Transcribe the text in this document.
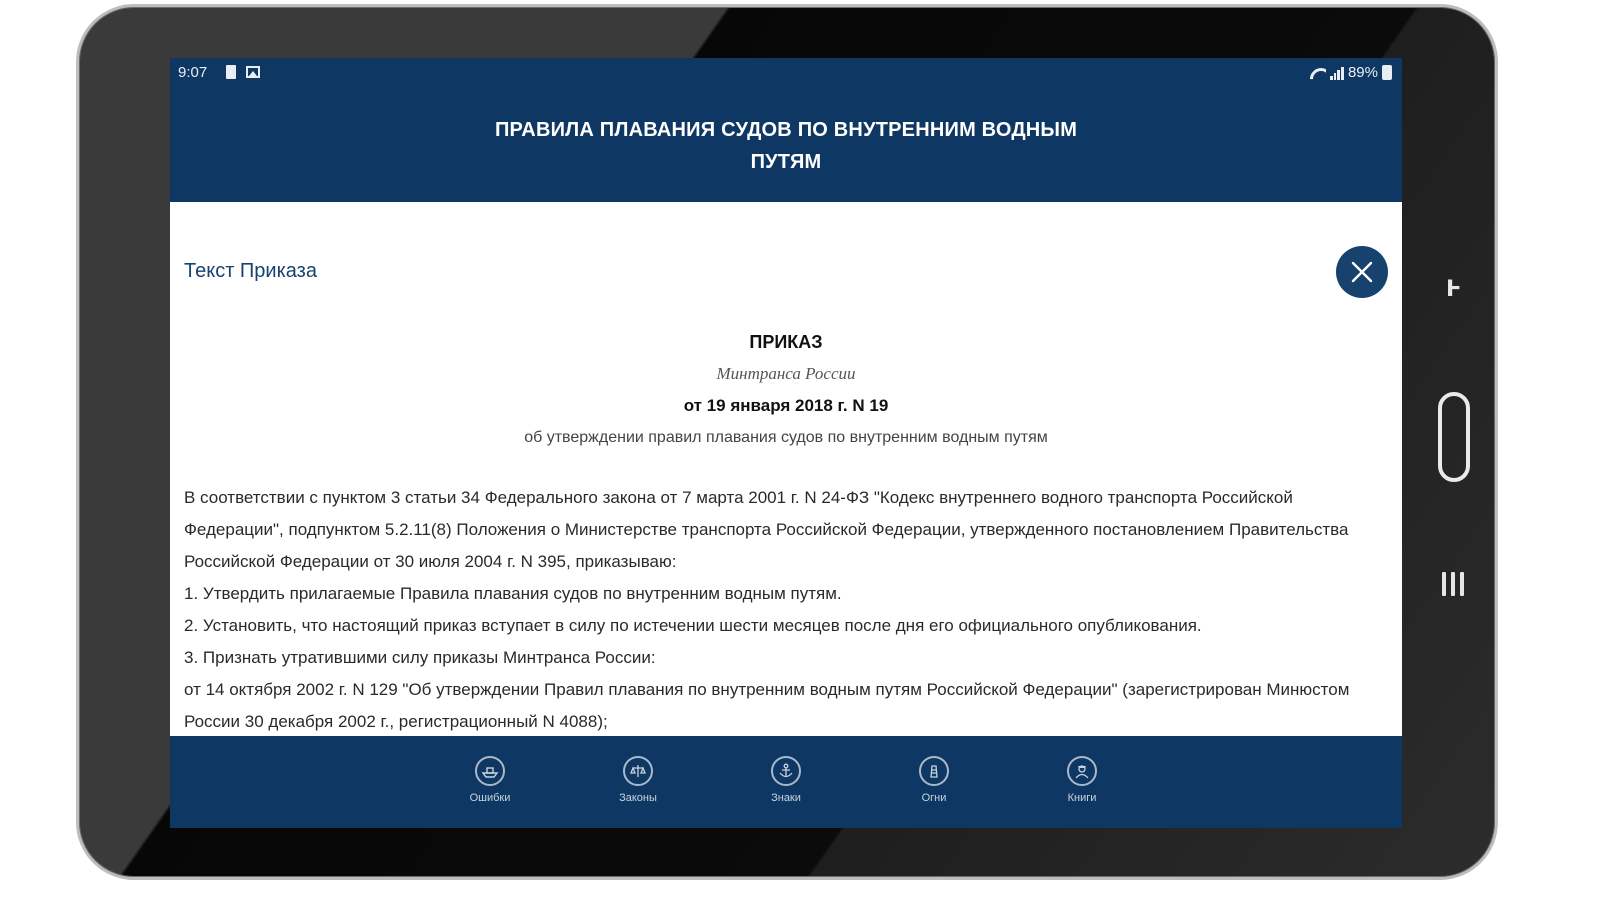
Ⱶ
9:07	89%
ПРАВИЛА ПЛАВАНИЯ СУДОВ ПО ВНУТРЕННИМ ВОДНЫМ
ПУТЯМ
Текст Приказа
ПРИКАЗ
Минтранса России
от 19 января 2018 г. N 19
об утверждении правил плавания судов по внутренним водным путям

В соответствии с пунктом 3 статьи 34 Федерального закона от 7 марта 2001 г. N 24-ФЗ "Кодекс внутреннего водного транспорта Российской Федерации", подпунктом 5.2.11(8) Положения о Министерстве транспорта Российской Федерации, утвержденного постановлением Правительства Российской Федерации от 30 июля 2004 г. N 395, приказываю:

1. Утвердить прилагаемые Правила плавания судов по внутренним водным путям.

2. Установить, что настоящий приказ вступает в силу по истечении шести месяцев после дня его официального опубликования.

3. Признать утратившими силу приказы Минтранса России:

от 14 октября 2002 г. N 129 "Об утверждении Правил плавания по внутренним водным путям Российской Федерации" (зарегистрирован Минюстом России 30 декабря 2002 г., регистрационный N 4088);

Ошибки	Законы	Знаки	Огни	Книги
